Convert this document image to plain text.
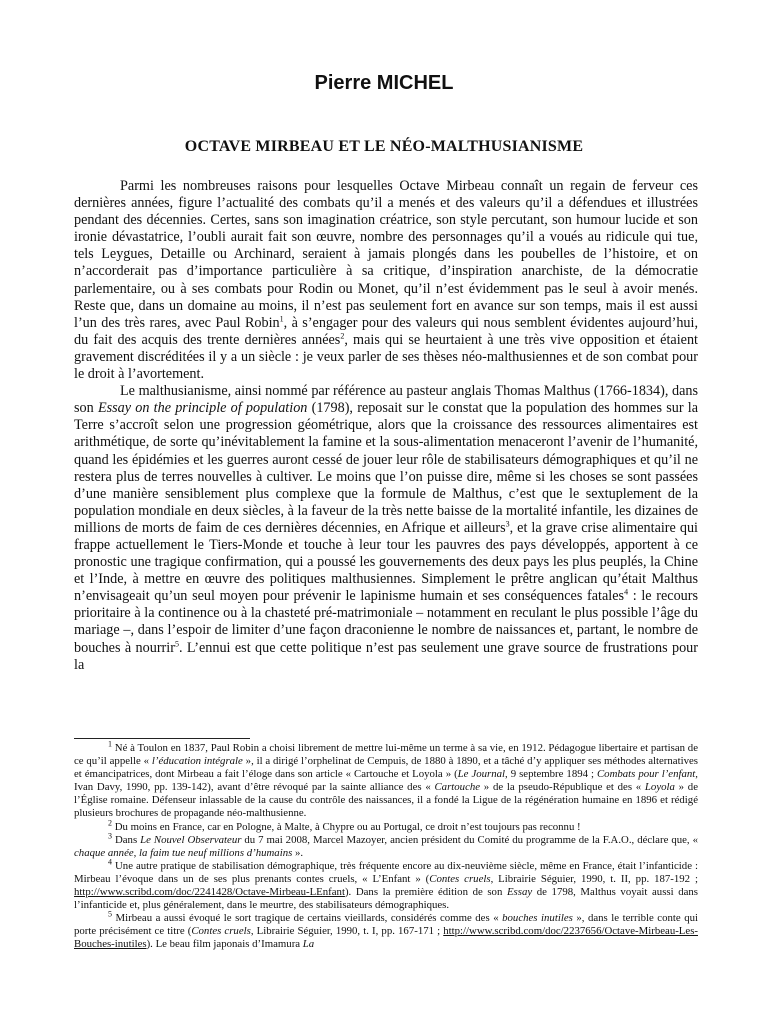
Pierre MICHEL
OCTAVE MIRBEAU ET LE NÉO-MALTHUSIANISME

Parmi les nombreuses raisons pour lesquelles Octave Mirbeau connaît un regain de ferveur ces dernières années, figure l’actualité des combats qu’il a menés et des valeurs qu’il a défendues et illustrées pendant des décennies. Certes, sans son imagination créatrice, son style percutant, son humour lucide et son ironie dévastatrice, l’oubli aurait fait son œuvre, nombre des personnages qu’il a voués au ridicule qui tue, tels Leygues, Detaille ou Archinard, seraient à jamais plongés dans les poubelles de l’histoire, et on n’accorderait pas d’importance particulière à sa critique, d’inspiration anarchiste, de la démocratie parlementaire, ou à ses combats pour Rodin ou Monet, qu’il n’est évidemment pas le seul à avoir menés. Reste que, dans un domaine au moins, il n’est pas seulement fort en avance sur son temps, mais il est aussi l’un des très rares, avec Paul Robin$^1$, à s’engager pour des valeurs qui nous semblent évidentes aujourd’hui, du fait des acquis des trente dernières années$^2$, mais qui se heurtaient à une très vive opposition et étaient gravement discréditées il y a un siècle : je veux parler de ses thèses néo-malthusiennes et de son combat pour le droit à l’avortement.

Le malthusianisme, ainsi nommé par référence au pasteur anglais Thomas Malthus (1766-1834), dans son Essay on the principle of population (1798), reposait sur le constat que la population des hommes sur la Terre s’accroît selon une progression géométrique, alors que la croissance des ressources alimentaires est arithmétique, de sorte qu’inévitablement la famine et la sous-alimentation menaceront l’avenir de l’humanité, quand les épidémies et les guerres auront cessé de jouer leur rôle de stabilisateurs démographiques et qu’il ne restera plus de terres nouvelles à cultiver. Le moins que l’on puisse dire, même si les choses se sont passées d’une manière sensiblement plus complexe que la formule de Malthus, c’est que le sextuplement de la population mondiale en deux siècles, à la faveur de la très nette baisse de la mortalité infantile, les dizaines de millions de morts de faim de ces dernières décennies, en Afrique et ailleurs$^3$, et la grave crise alimentaire qui frappe actuellement le Tiers-Monde et touche à leur tour les pauvres des pays développés, apportent à ce pronostic une tragique confirmation, qui a poussé les gouvernements des deux pays les plus peuplés, la Chine et l’Inde, à mettre en œuvre des politiques malthusiennes. Simplement le prêtre anglican qu’était Malthus n’envisageait qu’un seul moyen pour prévenir le lapinisme humain et ses conséquences fatales$^4$ : le recours prioritaire à la continence ou à la chasteté pré-matrimoniale – notamment en reculant le plus possible l’âge du mariage –, dans l’espoir de limiter d’une façon draconienne le nombre de naissances et, partant, le nombre de bouches à nourrir$^5$. L’ennui est que cette politique n’est pas seulement une grave source de frustrations pour la

$^1$ Né à Toulon en 1837, Paul Robin a choisi librement de mettre lui-même un terme à sa vie, en 1912. Pédagogue libertaire et partisan de ce qu’il appelle « l’éducation intégrale », il a dirigé l’orphelinat de Cempuis, de 1880 à 1890, et a tâché d’y appliquer ses méthodes alternatives et émancipatrices, dont Mirbeau a fait l’éloge dans son article « Cartouche et Loyola » (Le Journal, 9 septembre 1894 ; Combats pour l’enfant, Ivan Davy, 1990, pp. 139-142), avant d’être révoqué par la sainte alliance des « Cartouche » de la pseudo-République et des « Loyola » de l’Église romaine. Défenseur inlassable de la cause du contrôle des naissances, il a fondé la Ligue de la régénération humaine en 1896 et rédigé plusieurs brochures de propagande néo-malthusienne.

$^2$ Du moins en France, car en Pologne, à Malte, à Chypre ou au Portugal, ce droit n’est toujours pas reconnu !

$^3$ Dans Le Nouvel Observateur du 7 mai 2008, Marcel Mazoyer, ancien président du Comité du programme de la F.A.O., déclare que, « chaque année, la faim tue neuf millions d’humains ».

$^4$ Une autre pratique de stabilisation démographique, très fréquente encore au dix-neuvième siècle, même en France, était l’infanticide : Mirbeau l’évoque dans un de ses plus prenants contes cruels, « L’Enfant » (Contes cruels, Librairie Séguier, 1990, t. II, pp. 187-192 ; http://www.scribd.com/doc/2241428/Octave-Mirbeau-LEnfant). Dans la première édition de son Essay de 1798, Malthus voyait aussi dans l’infanticide et, plus généralement, dans le meurtre, des stabilisateurs démographiques.

$^5$ Mirbeau a aussi évoqué le sort tragique de certains vieillards, considérés comme des « bouches inutiles », dans le terrible conte qui porte précisément ce titre (Contes cruels, Librairie Séguier, 1990, t. I, pp. 167-171 ; http://www.scribd.com/doc/2237656/Octave-Mirbeau-Les-Bouches-inutiles). Le beau film japonais d’Imamura La
